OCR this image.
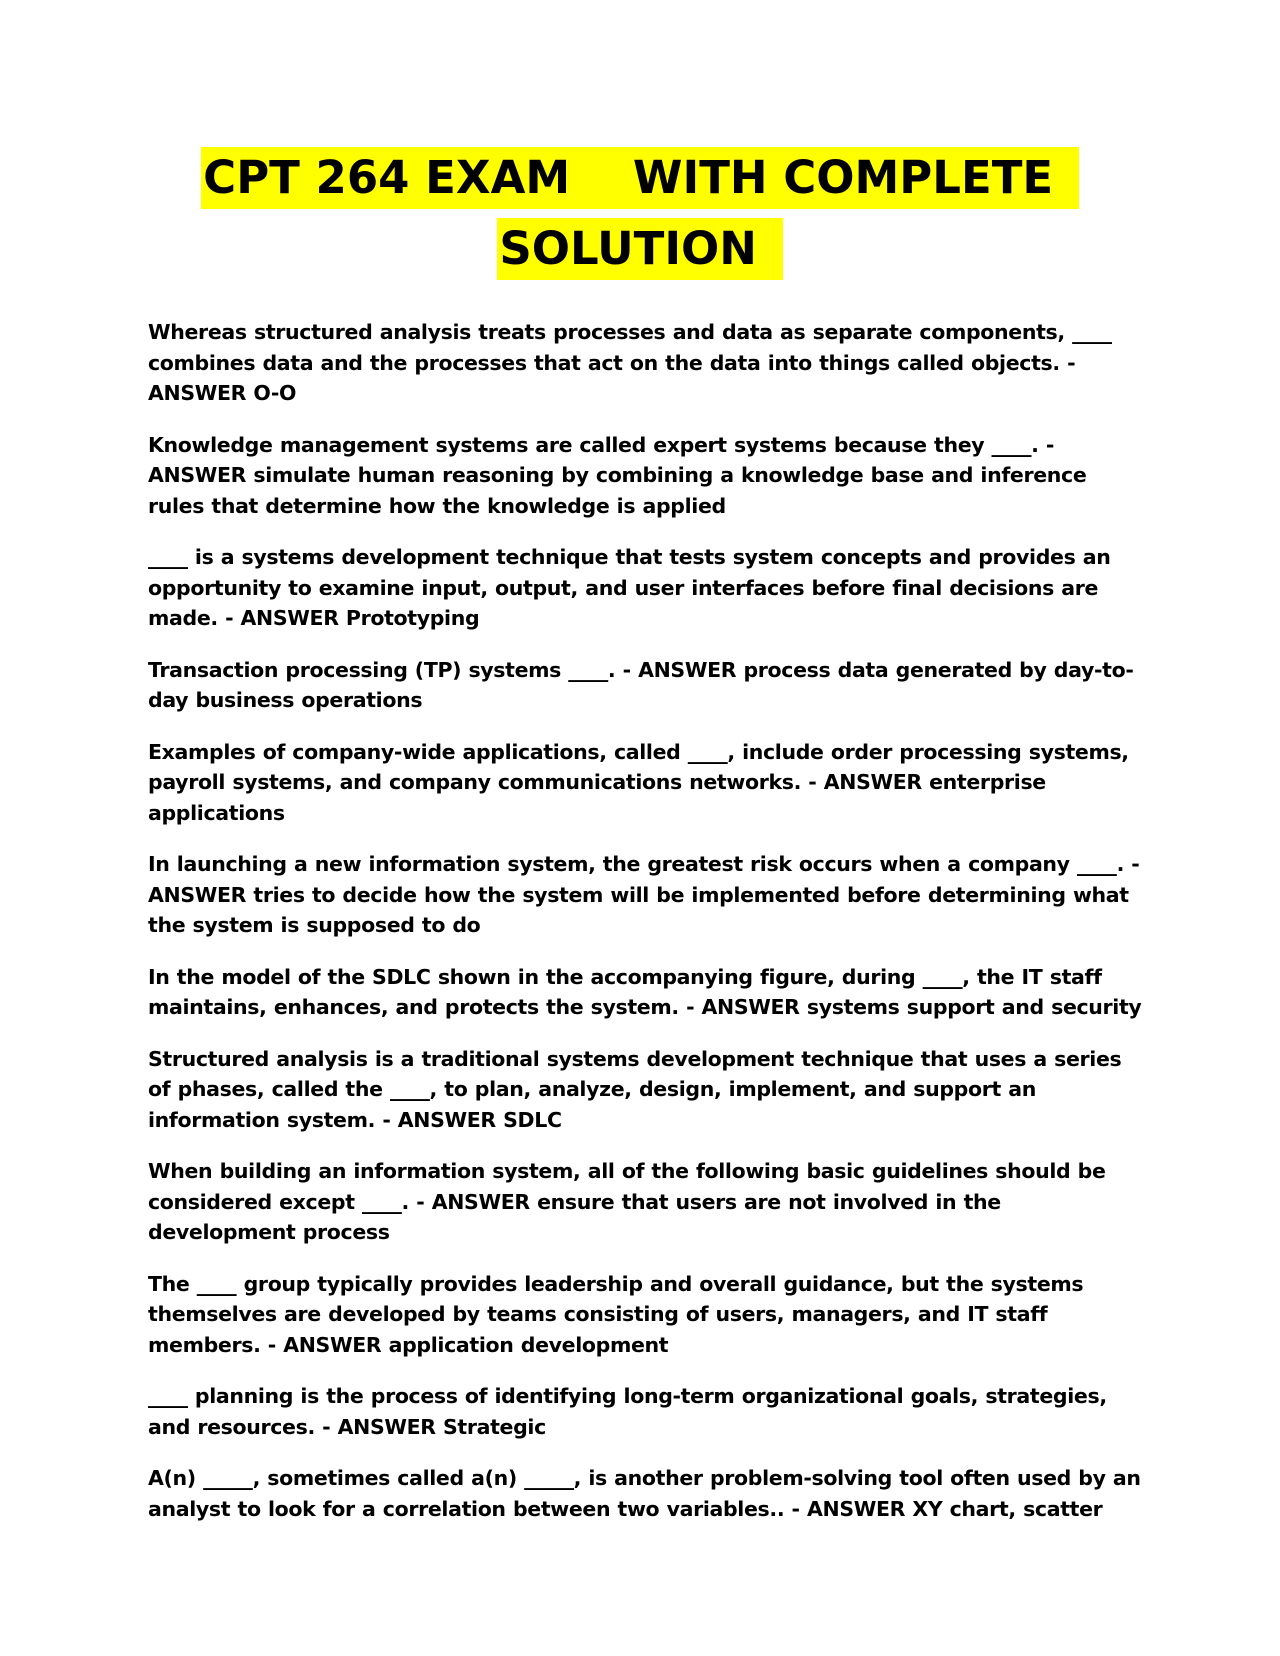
CPT 264 EXAM    WITH COMPLETE
SOLUTION

Whereas structured analysis treats processes and data as separate components, ____ combines data and the processes that act on the data into things called objects. - ANSWER O-O

Knowledge management systems are called expert systems because they ____. - ANSWER simulate human reasoning by combining a knowledge base and inference rules that determine how the knowledge is applied

____ is a systems development technique that tests system concepts and provides an opportunity to examine input, output, and user interfaces before final decisions are made. - ANSWER Prototyping

Transaction processing (TP) systems ____. - ANSWER process data generated by day-to-day business operations

Examples of company-wide applications, called ____, include order processing systems, payroll systems, and company communications networks. - ANSWER enterprise applications

In launching a new information system, the greatest risk occurs when a company ____. - ANSWER tries to decide how the system will be implemented before determining what the system is supposed to do

In the model of the SDLC shown in the accompanying figure, during ____, the IT staff maintains, enhances, and protects the system. - ANSWER systems support and security

Structured analysis is a traditional systems development technique that uses a series of phases, called the ____, to plan, analyze, design, implement, and support an information system. - ANSWER SDLC

When building an information system, all of the following basic guidelines should be considered except ____. - ANSWER ensure that users are not involved in the development process

The ____ group typically provides leadership and overall guidance, but the systems themselves are developed by teams consisting of users, managers, and IT staff members. - ANSWER application development

____ planning is the process of identifying long-term organizational goals, strategies, and resources. - ANSWER Strategic

A(n) _____, sometimes called a(n) _____, is another problem-solving tool often used by an analyst to look for a correlation between two variables.. - ANSWER XY chart, scatter
